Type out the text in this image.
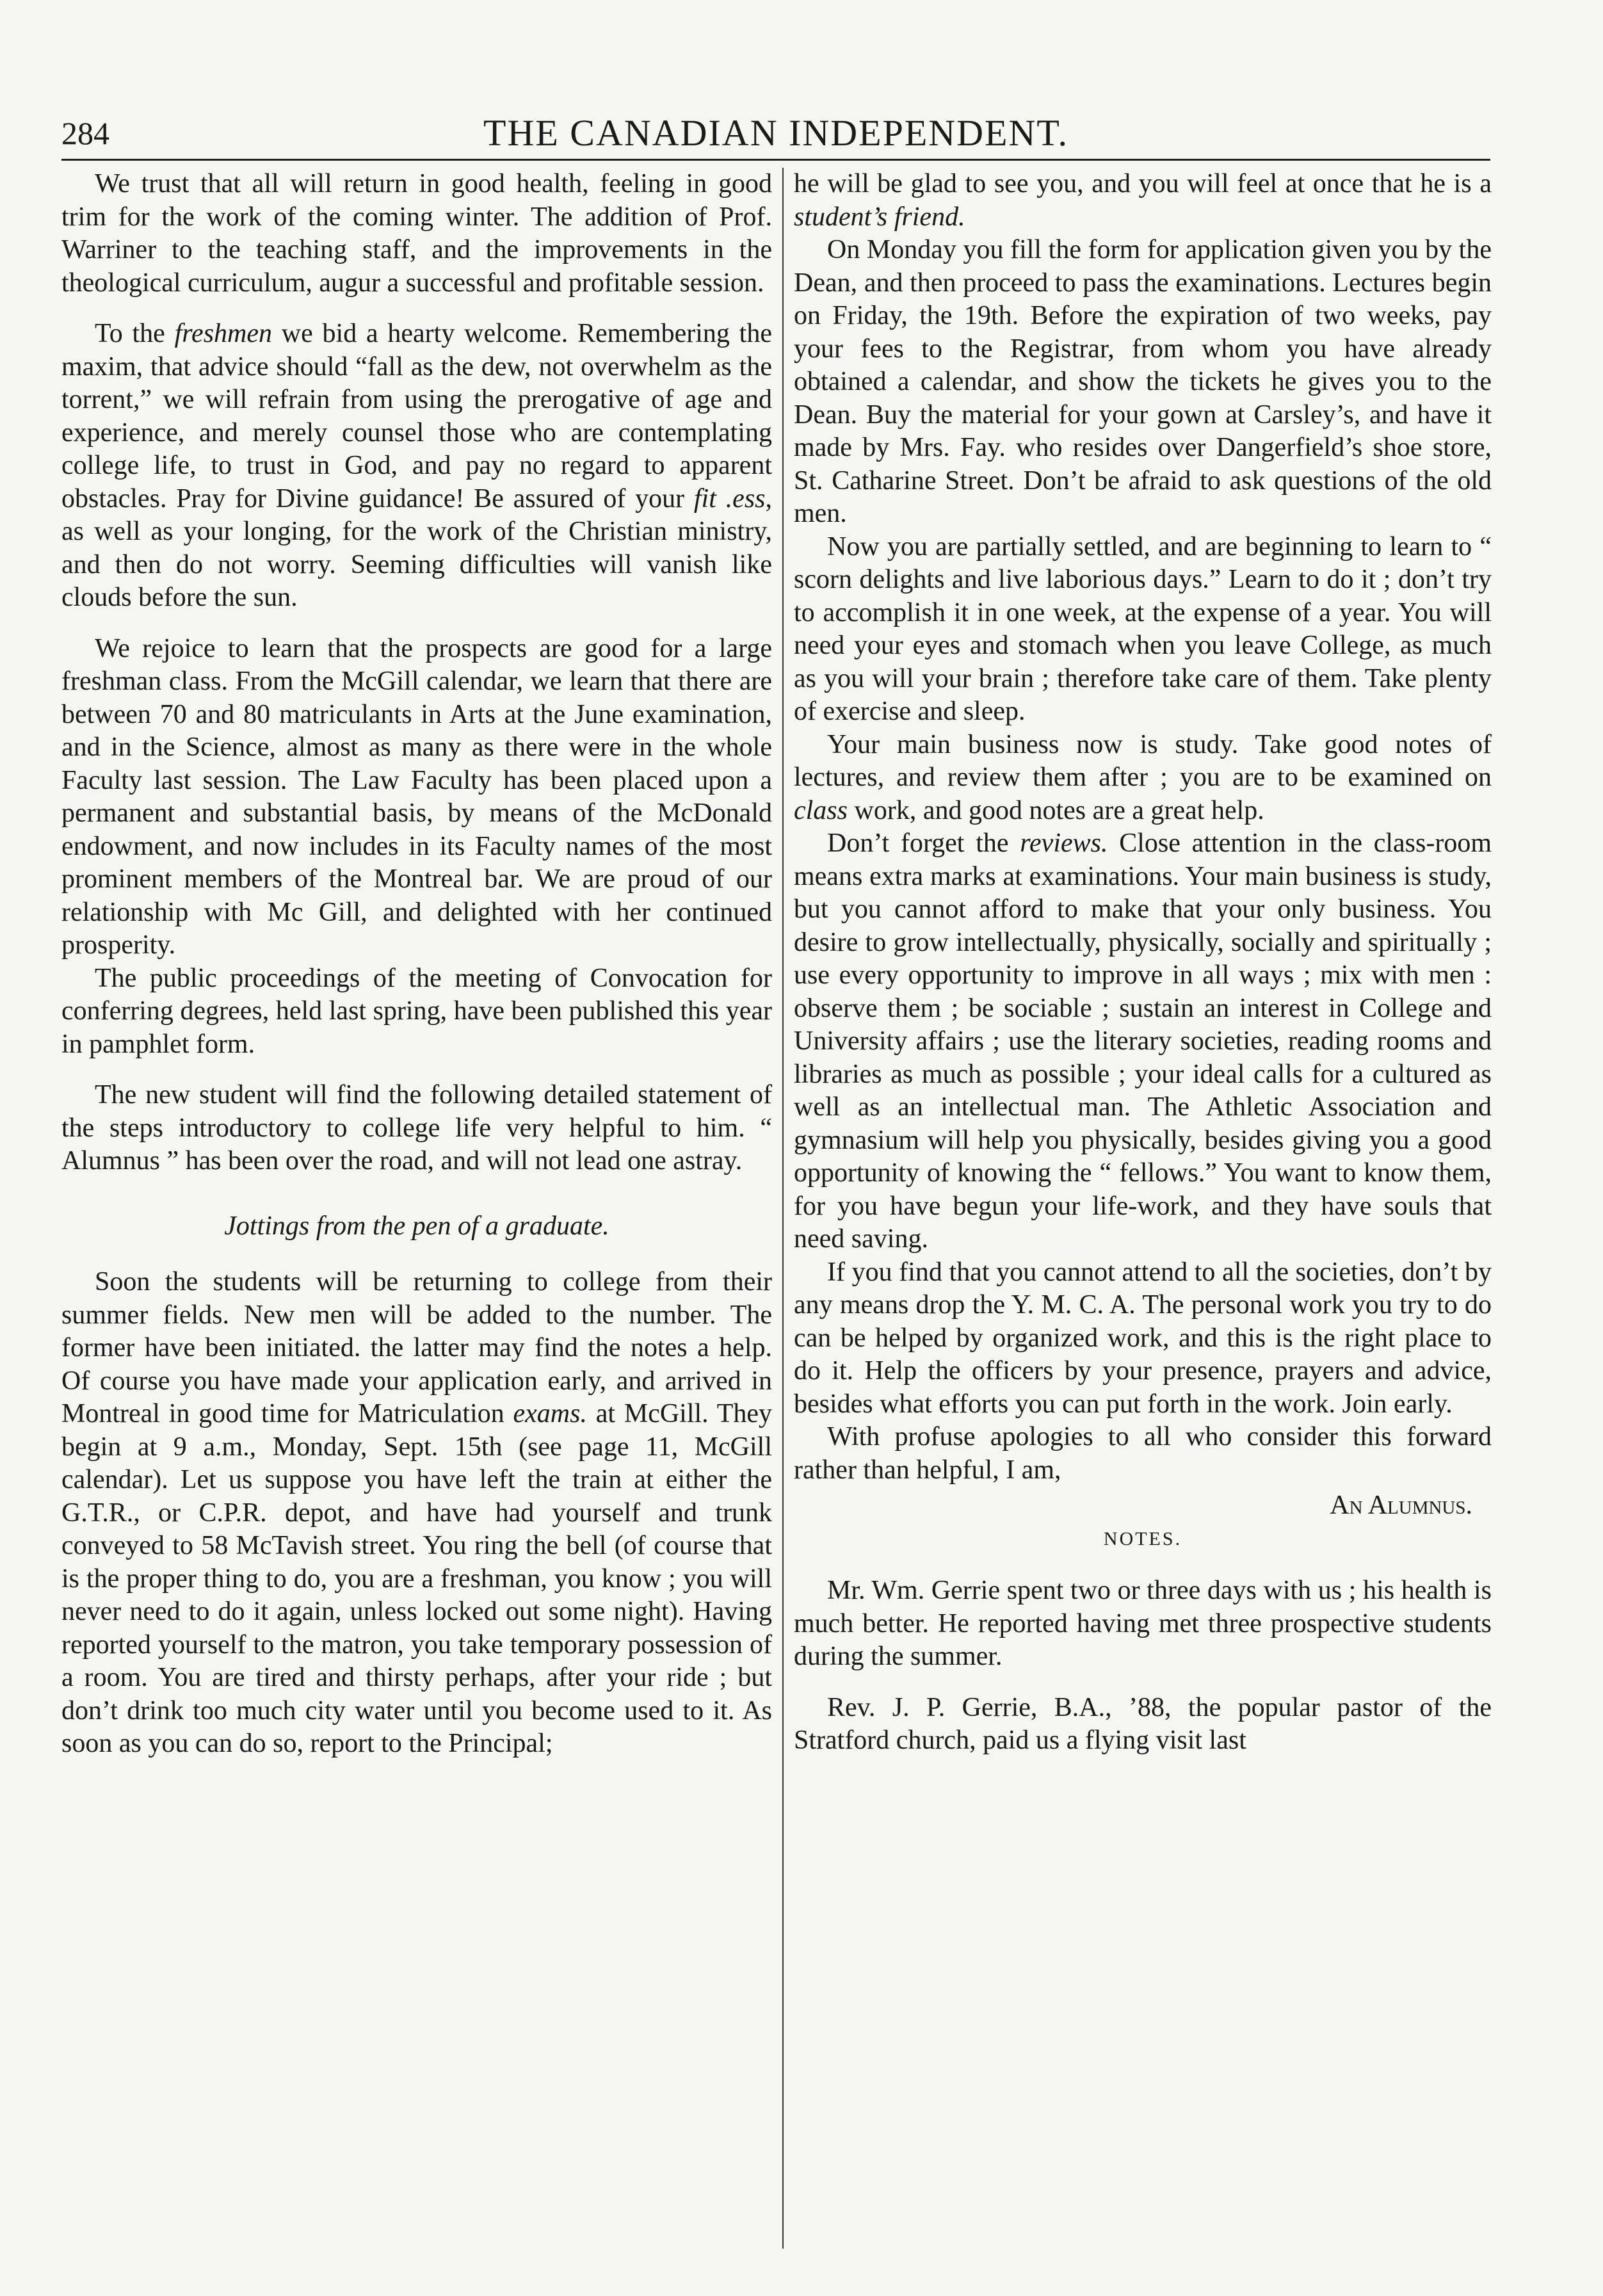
284	THE CANADIAN INDEPENDENT.

We trust that all will return in good health, feeling in good trim for the work of the coming winter. The addition of Prof. Warriner to the teaching staff, and the improvements in the theological curriculum, augur a successful and profitable session.

To the freshmen we bid a hearty welcome. Remembering the maxim, that advice should “fall as the dew, not overwhelm as the torrent,” we will refrain from using the prerogative of age and experience, and merely counsel those who are contemplating college life, to trust in God, and pay no regard to apparent obstacles. Pray for Divine guidance! Be assured of your fit .ess, as well as your longing, for the work of the Christian ministry, and then do not worry. Seeming difficulties will vanish like clouds before the sun.

We rejoice to learn that the prospects are good for a large freshman class. From the McGill calendar, we learn that there are between 70 and 80 matriculants in Arts at the June examination, and in the Science, almost as many as there were in the whole Faculty last session. The Law Faculty has been placed upon a permanent and substantial basis, by means of the McDonald endowment, and now includes in its Faculty names of the most prominent members of the Montreal bar. We are proud of our relationship with Mc Gill, and delighted with her continued prosperity.

The public proceedings of the meeting of Convocation for conferring degrees, held last spring, have been published this year in pamphlet form.

The new student will find the following detailed statement of the steps introductory to college life very helpful to him. “ Alumnus ” has been over the road, and will not lead one astray.

Jottings from the pen of a graduate.

Soon the students will be returning to college from their summer fields. New men will be added to the number. The former have been initiated. the latter may find the notes a help. Of course you have made your application early, and arrived in Montreal in good time for Matriculation exams. at McGill. They begin at 9 a.m., Monday, Sept. 15th (see page 11, McGill calendar). Let us suppose you have left the train at either the G.T.R., or C.P.R. depot, and have had yourself and trunk conveyed to 58 McTavish street. You ring the bell (of course that is the proper thing to do, you are a freshman, you know ; you will never need to do it again, unless locked out some night). Having reported yourself to the matron, you take temporary possession of a room. You are tired and thirsty perhaps, after your ride ; but don’t drink too much city water until you become used to it. As soon as you can do so, report to the Principal;

he will be glad to see you, and you will feel at once that he is a student’s friend.

On Monday you fill the form for application given you by the Dean, and then proceed to pass the examinations. Lectures begin on Friday, the 19th. Before the expiration of two weeks, pay your fees to the Registrar, from whom you have already obtained a calendar, and show the tickets he gives you to the Dean. Buy the material for your gown at Carsley’s, and have it made by Mrs. Fay. who resides over Dangerfield’s shoe store, St. Catharine Street. Don’t be afraid to ask questions of the old men.

Now you are partially settled, and are beginning to learn to “ scorn delights and live laborious days.” Learn to do it ; don’t try to accomplish it in one week, at the expense of a year. You will need your eyes and stomach when you leave College, as much as you will your brain ; therefore take care of them. Take plenty of exercise and sleep.

Your main business now is study. Take good notes of lectures, and review them after ; you are to be examined on class work, and good notes are a great help.

Don’t forget the reviews. Close attention in the class-room means extra marks at examinations. Your main business is study, but you cannot afford to make that your only business. You desire to grow intellectually, physically, socially and spiritually ; use every opportunity to improve in all ways ; mix with men : observe them ; be sociable ; sustain an interest in College and University affairs ; use the literary societies, reading rooms and libraries as much as possible ; your ideal calls for a cultured as well as an intellectual man. The Athletic Association and gymnasium will help you physically, besides giving you a good opportunity of knowing the “ fellows.” You want to know them, for you have begun your life-work, and they have souls that need saving.

If you find that you cannot attend to all the societies, don’t by any means drop the Y. M. C. A. The personal work you try to do can be helped by organized work, and this is the right place to do it. Help the officers by your presence, prayers and advice, besides what efforts you can put forth in the work. Join early.

With profuse apologies to all who consider this forward rather than helpful, I am,

An Alumnus.

NOTES.

Mr. Wm. Gerrie spent two or three days with us ; his health is much better. He reported having met three prospective students during the summer.

Rev. J. P. Gerrie, B.A., ’88, the popular pastor of the Stratford church, paid us a flying visit last
